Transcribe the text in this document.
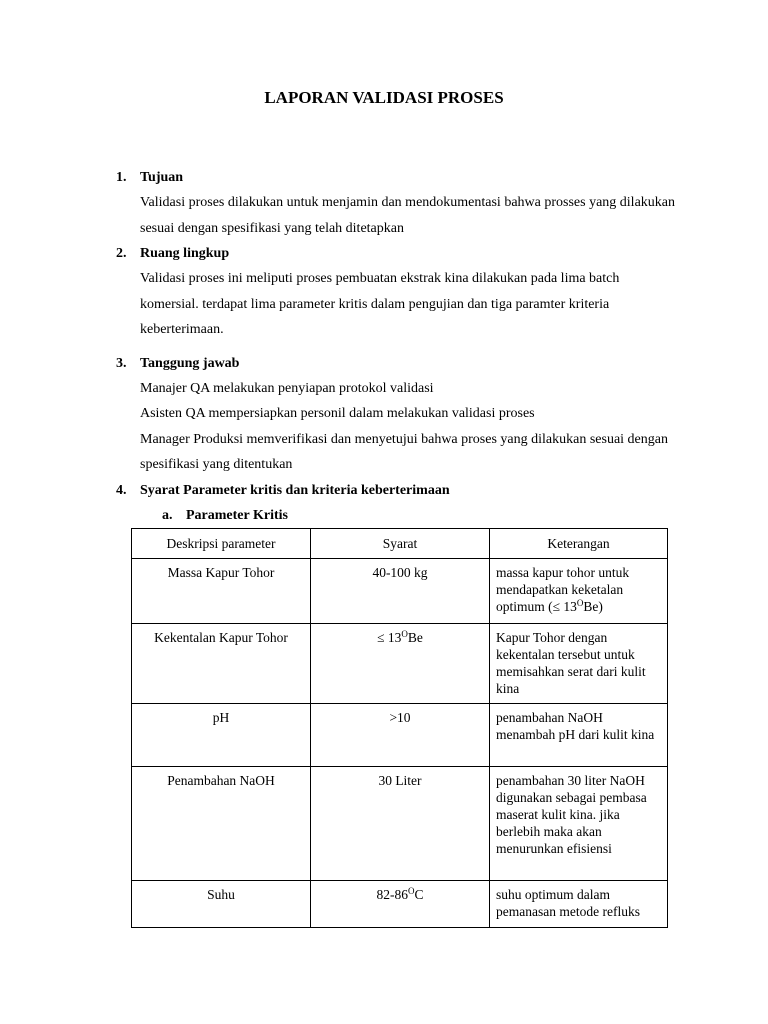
LAPORAN VALIDASI PROSES
1. Tujuan
Validasi proses dilakukan untuk menjamin dan mendokumentasi bahwa prosses yang dilakukan sesuai dengan spesifikasi yang telah ditetapkan
2. Ruang lingkup
Validasi proses ini meliputi proses pembuatan ekstrak kina dilakukan pada lima batch komersial. terdapat lima parameter kritis dalam pengujian dan tiga paramter kriteria keberterimaan.
3. Tanggung jawab
Manajer QA melakukan penyiapan protokol validasi
Asisten QA mempersiapkan personil dalam melakukan validasi proses
Manager Produksi memverifikasi dan menyetujui bahwa proses yang dilakukan sesuai dengan spesifikasi yang ditentukan
4. Syarat Parameter kritis dan kriteria keberterimaan
a. Parameter Kritis
Deskripsi parameter	Syarat	Keterangan
Massa Kapur Tohor	40-100 kg	massa kapur tohor untuk mendapatkan keketalan optimum (≤ $13^OBe$)
Kekentalan Kapur Tohor	≤ $13^OBe$	Kapur Tohor dengan kekentalan tersebut untuk memisahkan serat dari kulit kina
pH	>10	penambahan NaOH menambah pH dari kulit kina
Penambahan NaOH	30 Liter	penambahan 30 liter NaOH digunakan sebagai pembasa maserat kulit kina. jika berlebih maka akan menurunkan efisiensi
Suhu	$82-86^OC$	suhu optimum dalam pemanasan metode refluks
